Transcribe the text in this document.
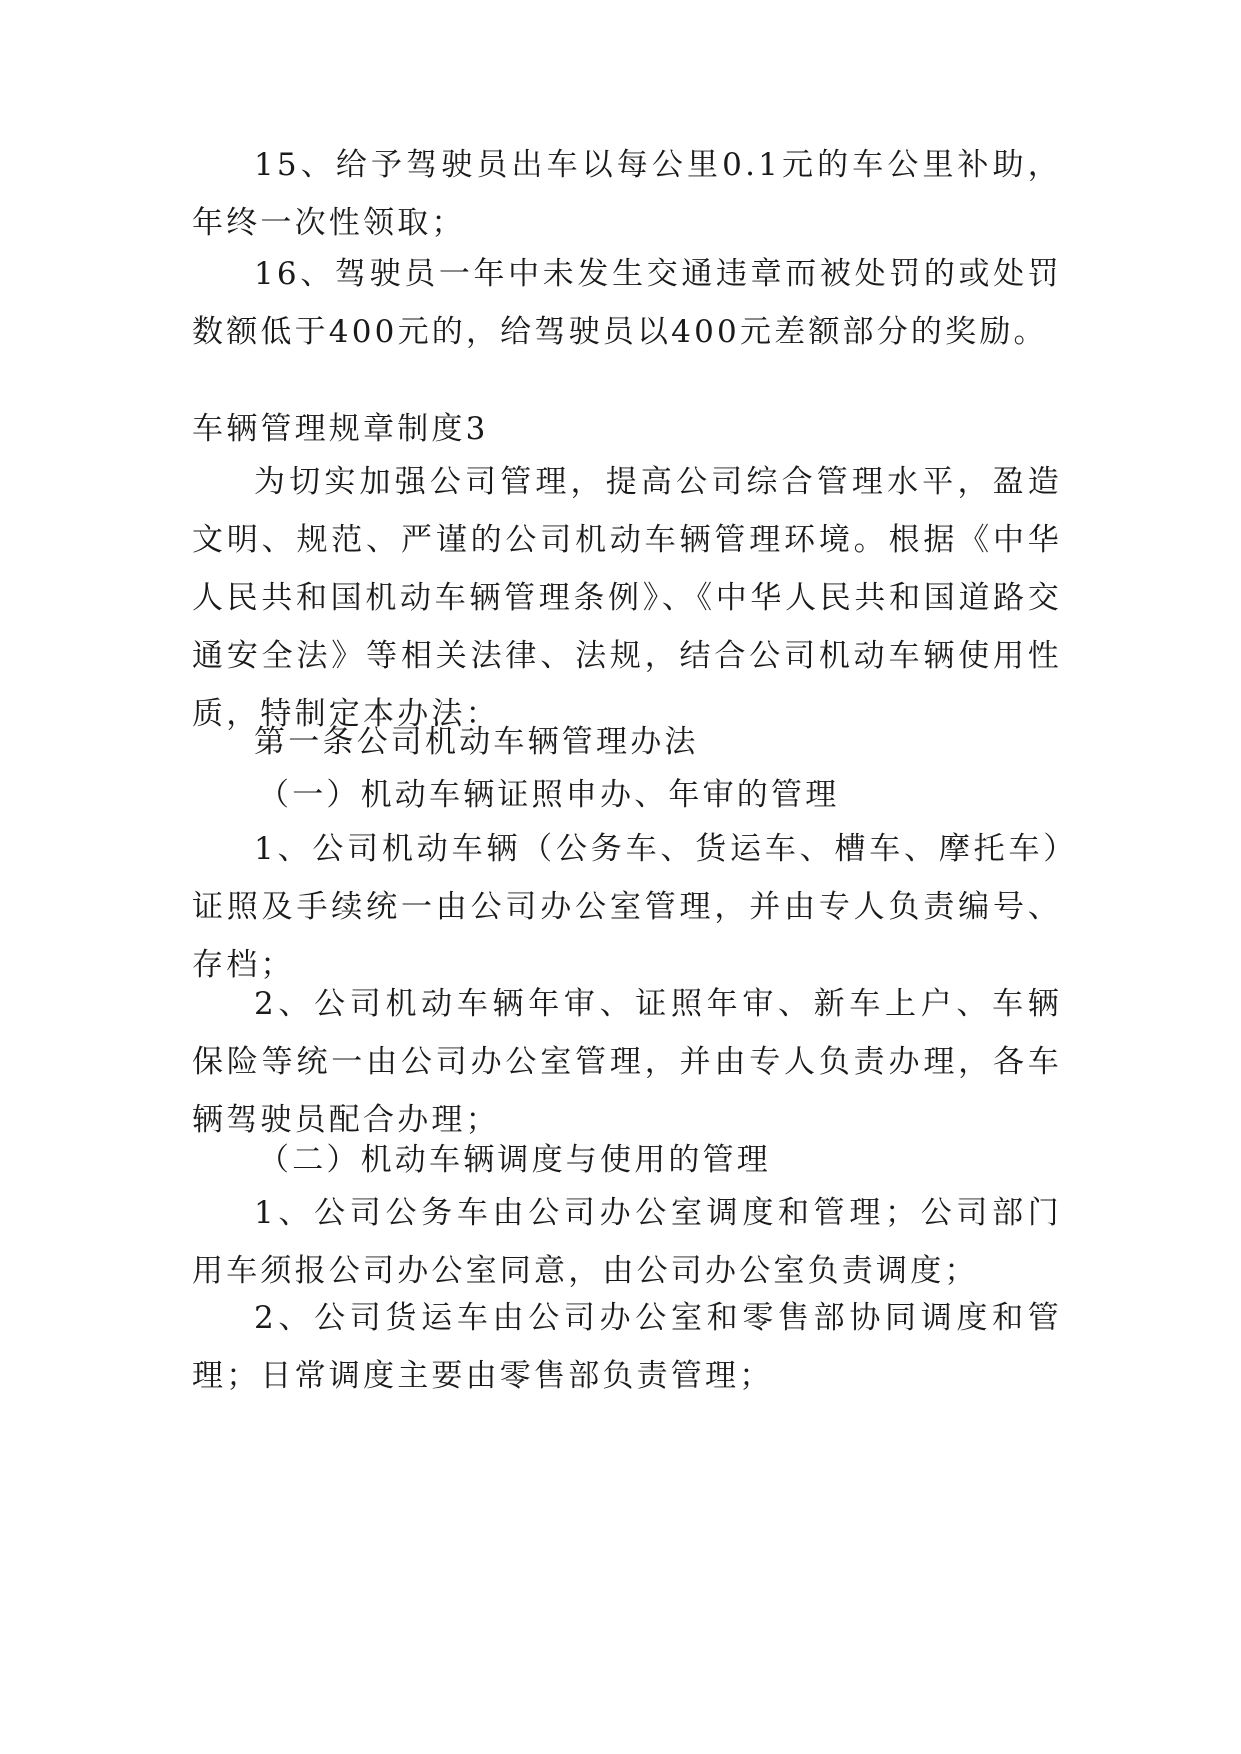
15、给予驾驶员出车以每公里0.1元的车公里补助，年终一次性领取；

16、驾驶员一年中未发生交通违章而被处罚的或处罚数额低于400元的，给驾驶员以400元差额部分的奖励。

车辆管理规章制度3

为切实加强公司管理，提高公司综合管理水平，盈造文明、规范、严谨的公司机动车辆管理环境。根据《中华人民共和国机动车辆管理条例》、《中华人民共和国道路交通安全法》等相关法律、法规，结合公司机动车辆使用性质，特制定本办法：

第一条公司机动车辆管理办法

（一）机动车辆证照申办、年审的管理

1、公司机动车辆（公务车、货运车、槽车、摩托车）证照及手续统一由公司办公室管理，并由专人负责编号、存档；

2、公司机动车辆年审、证照年审、新车上户、车辆保险等统一由公司办公室管理，并由专人负责办理，各车辆驾驶员配合办理；

（二）机动车辆调度与使用的管理

1、公司公务车由公司办公室调度和管理；公司部门用车须报公司办公室同意，由公司办公室负责调度；

2、公司货运车由公司办公室和零售部协同调度和管理；日常调度主要由零售部负责管理；
